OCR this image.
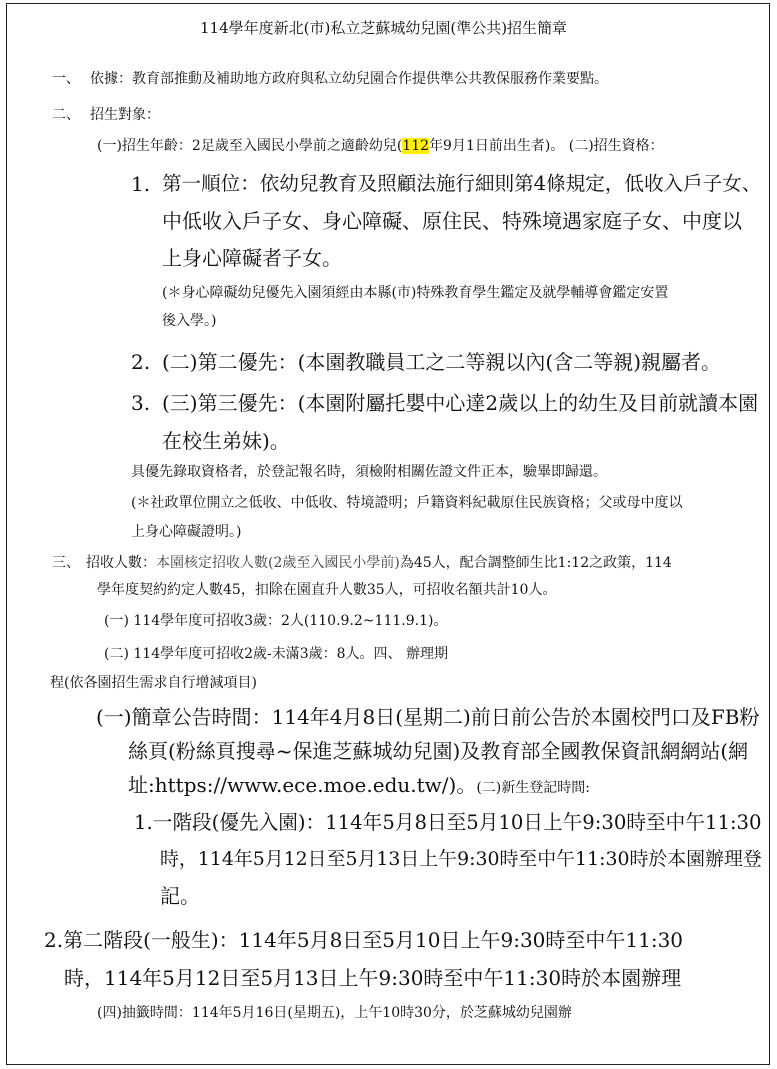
114學年度新北(市)私立芝蘇城幼兒園(準公共)招生簡章
一、 依據：教育部推動及補助地方政府與私立幼兒園合作提供準公共教保服務作業要點。
二、 招生對象：
(一)招生年齡：2足歲至入國民小學前之適齡幼兒(112年9月1日前出生者)。 (二)招生資格：
1. 第一順位：依幼兒教育及照顧法施行細則第4條規定，低收入戶子女、
中低收入戶子女、身心障礙、原住民、特殊境遇家庭子女、中度以
上身心障礙者子女。
(＊身心障礙幼兒優先入園須經由本縣(市)特殊教育學生鑑定及就學輔導會鑑定安置
後入學。)
2. (二)第二優先：(本園教職員工之二等親以內(含二等親)親屬者。
3. (三)第三優先：(本園附屬托嬰中心達2歲以上的幼生及目前就讀本園
在校生弟妹)。
具優先錄取資格者，於登記報名時，須檢附相關佐證文件正本，驗畢即歸還。
(＊社政單位開立之低收、中低收、特境證明；戶籍資料紀載原住民族資格；父或母中度以
上身心障礙證明。)
三、 招收人數：本園核定招收人數(2歲至入國民小學前)為45人，配合調整師生比1:12之政策，114
學年度契約約定人數45，扣除在園直升人數35人，可招收名額共計10人。
(一) 114學年度可招收3歲：2人(110.9.2~111.9.1)。
(二) 114學年度可招收2歲-未滿3歲：8人。四、 辦理期
程(依各園招生需求自行增減項目)
(一)簡章公告時間：114年4月8日(星期二)前日前公告於本園校門口及FB粉
絲頁(粉絲頁搜尋~保進芝蘇城幼兒園)及教育部全國教保資訊網網站(網
址:https://www.ece.moe.edu.tw/)。(二)新生登記時間:
1.一階段(優先入園)：114年5月8日至5月10日上午9:30時至中午11:30
時，114年5月12日至5月13日上午9:30時至中午11:30時於本園辦理登
記。
2.第二階段(一般生)：114年5月8日至5月10日上午9:30時至中午11:30
時，114年5月12日至5月13日上午9:30時至中午11:30時於本園辦理
(四)抽籤時間：114年5月16日(星期五)，上午10時30分，於芝蘇城幼兒園辦
